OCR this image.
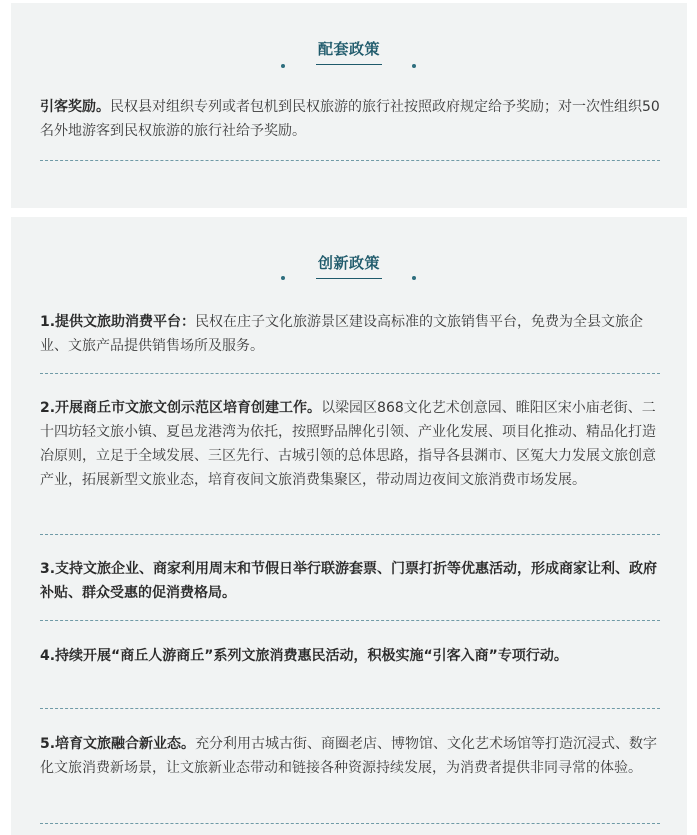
配套政策

引客奖励。民权县对组织专列或者包机到民权旅游的旅行社按照政府规定给予奖励；对一次性组织50名外地游客到民权旅游的旅行社给予奖励。

创新政策

1.提供文旅助消费平台：民权在庄子文化旅游景区建设高标准的文旅销售平台，免费为全县文旅企业、文旅产品提供销售场所及服务。

2.开展商丘市文旅文创示范区培育创建工作。以梁园区868文化艺术创意园、睢阳区宋小庙老街、二十四坊轻文旅小镇、夏邑龙港湾为依托，按照野品牌化引领、产业化发展、项目化推动、精品化打造冶原则，立足于全域发展、三区先行、古城引领的总体思路，指导各县渊市、区冤大力发展文旅创意产业，拓展新型文旅业态，培育夜间文旅消费集聚区，带动周边夜间文旅消费市场发展。

3.支持文旅企业、商家利用周末和节假日举行联游套票、门票打折等优惠活动，形成商家让利、政府补贴、群众受惠的促消费格局。

4.持续开展“商丘人游商丘”系列文旅消费惠民活动，积极实施“引客入商”专项行动。

5.培育文旅融合新业态。充分利用古城古街、商圈老店、博物馆、文化艺术场馆等打造沉浸式、数字化文旅消费新场景，让文旅新业态带动和链接各种资源持续发展，为消费者提供非同寻常的体验。
